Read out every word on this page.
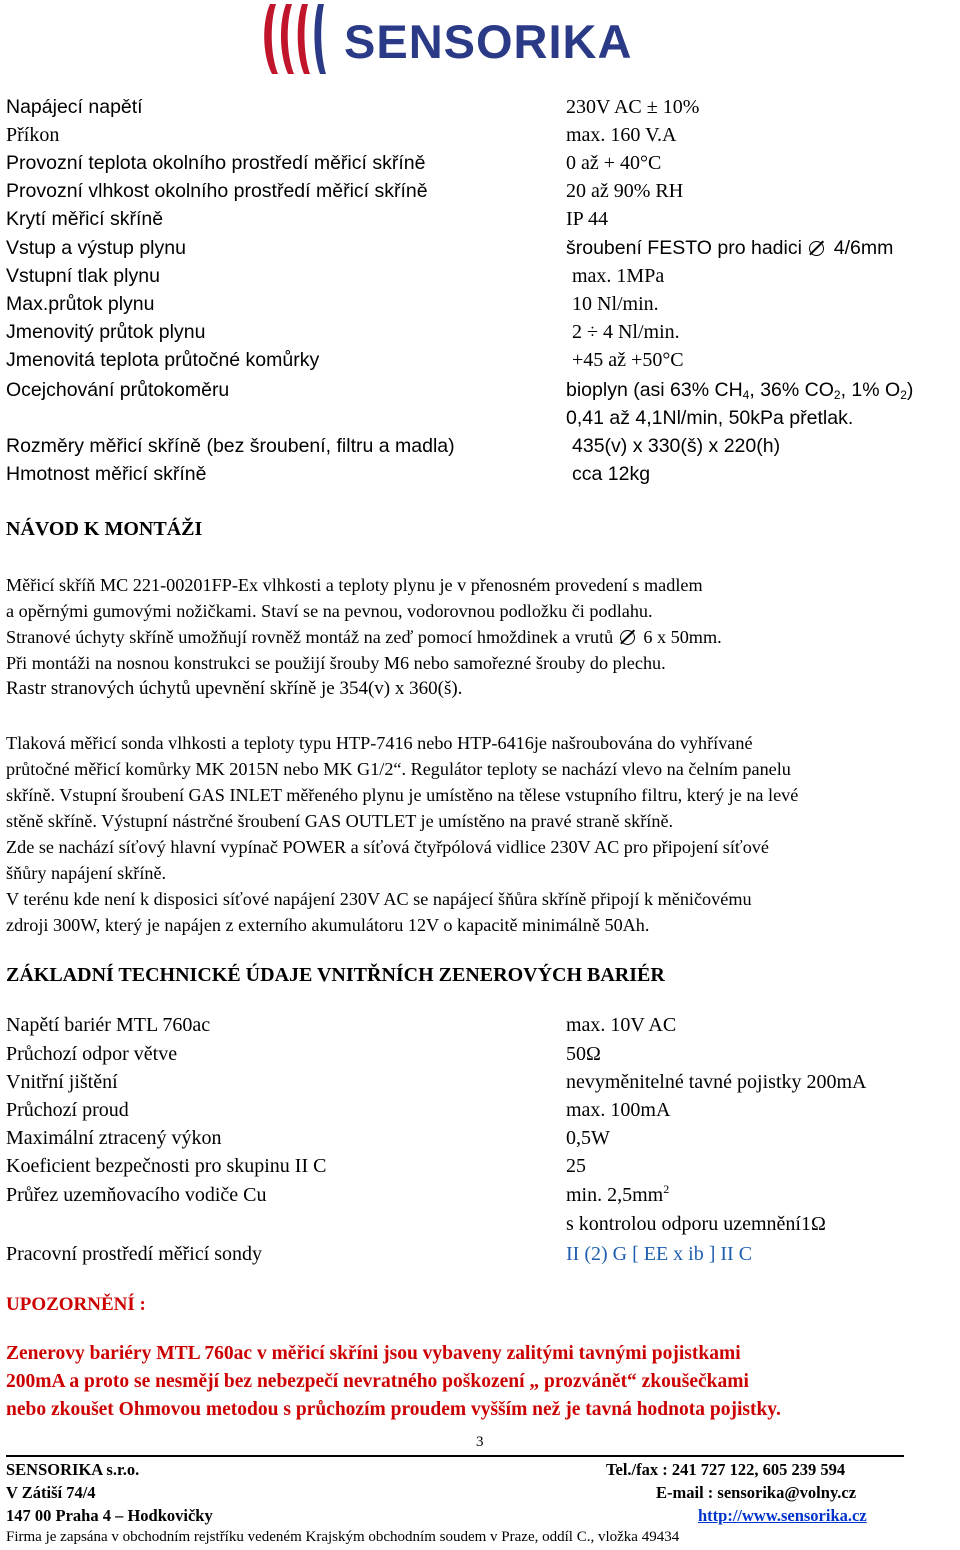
SENSORIKA
Napájecí napětí	230V AC ± 10%
Příkon	max. 160 V.A
Provozní teplota okolního prostředí měřicí skříně	0 až + 40°C
Provozní vlhkost okolního prostředí měřicí skříně	20 až 90% RH
Krytí měřicí skříně	IP 44
Vstup a výstup plynu	šroubení FESTO pro hadici 4/6mm
Vstupní tlak plynu	max. 1MPa
Max.průtok plynu	10 Nl/min.
Jmenovitý průtok plynu	2 ÷ 4 Nl/min.
Jmenovitá teplota průtočné komůrky	+45 až +50°C
Ocejchování průtokoměru	bioplyn (asi 63% $CH_4$, 36% $CO_2$, 1% $O_2$)
0,41 až 4,1Nl/min, 50kPa přetlak.
Rozměry měřicí skříně (bez šroubení, filtru a madla)	435(v) x 330(š) x 220(h)
Hmotnost měřicí skříně	cca 12kg
NÁVOD K MONTÁŽI
Měřicí skříň MC 221-00201FP-Ex vlhkosti a teploty plynu je v přenosném provedení s madlem
a opěrnými gumovými nožičkami. Staví se na pevnou, vodorovnou podložku či podlahu.
Stranové úchyty skříně umožňují rovněž montáž na zeď pomocí hmoždinek a vrutů 6 x 50mm.
Při montáži na nosnou konstrukci se použijí šrouby M6 nebo samořezné šrouby do plechu.
Rastr stranových úchytů upevnění skříně je 354(v) x 360(š).
Tlaková měřicí sonda vlhkosti a teploty typu HTP-7416 nebo HTP-6416je našroubována do vyhřívané
průtočné měřicí komůrky MK 2015N nebo MK G1/2“. Regulátor teploty se nachází vlevo na čelním panelu
skříně. Vstupní šroubení GAS INLET měřeného plynu je umístěno na tělese vstupního filtru, který je na levé
stěně skříně. Výstupní nástrčné šroubení GAS OUTLET je umístěno na pravé straně skříně.
Zde se nachází síťový hlavní vypínač POWER a síťová čtyřpólová vidlice 230V AC pro připojení síťové
šňůry napájení skříně.
V terénu kde není k disposici síťové napájení 230V AC se napájecí šňůra skříně připojí k měničovému
zdroji 300W, který je napájen z externího akumulátoru 12V o kapacitě minimálně 50Ah.
ZÁKLADNÍ TECHNICKÉ ÚDAJE VNITŘNÍCH ZENEROVÝCH BARIÉR
Napětí bariér MTL 760ac	max. 10V AC
Průchozí odpor větve	50Ω
Vnitřní jištění	nevyměnitelné tavné pojistky 200mA
Průchozí proud	max. 100mA
Maximální ztracený výkon	0,5W
Koeficient bezpečnosti pro skupinu II C	25
Průřez uzemňovacího vodiče Cu	min. $2,5mm^2$
s kontrolou odporu uzemnění1Ω
Pracovní prostředí měřicí sondy	II (2) G [ EE x ib ] II C
UPOZORNĚNÍ :
Zenerovy bariéry MTL 760ac v měřicí skříni jsou vybaveny zalitými tavnými pojistkami
200mA a proto se nesmějí bez nebezpečí nevratného poškození „ prozvánět“ zkoušečkami
nebo zkoušet Ohmovou metodou s průchozím proudem vyšším než je tavná hodnota pojistky.
3
SENSORIKA s.r.o.
V Zátiší 74/4
147 00 Praha 4 – Hodkovičky
Tel./fax : 241 727 122, 605 239 594
E-mail : sensorika@volny.cz
http://www.sensorika.cz
Firma je zapsána v obchodním rejstříku vedeném Krajským obchodním soudem v Praze, oddíl C., vložka 49434
